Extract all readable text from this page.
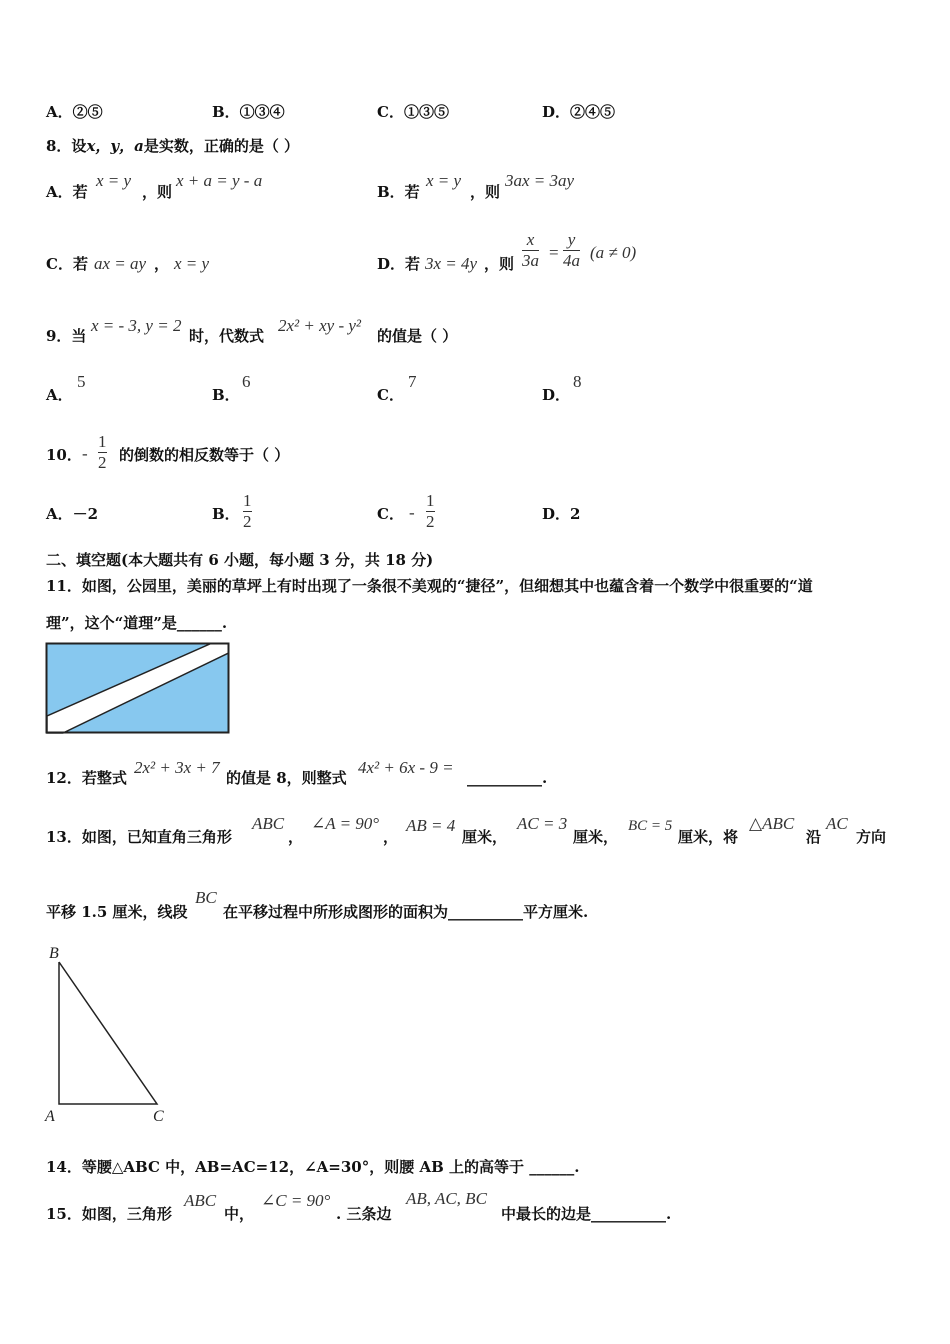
A．②⑤	B．①③④	C．①③⑤	D．②④⑤
8．设x，y，a是实数，正确的是（ ）
A．若
x = y
，则
x + a = y - a
B．若
x = y
，则
3ax = 3ay
C．若 ax = ay ， x = y	D．若 3x = 4y ，则
x
3a =
y
4a (a ≠ 0)
9．当
x = - 3, y = 2
时，代数式
2x² + xy - y²
的值是（ ）
A．
5
B．
6
C．
7
D．
8
10． -
1
2 的倒数的相反数等于（ ）
A．－2	B．
1
2	C． -
1
2	D．2
二、填空题(本大题共有 6 小题，每小题 3 分，共 18 分)
11．如图，公园里，美丽的草坪上有时出现了一条很不美观的“捷径”，但细想其中也蕴含着一个数学中很重要的“道
理”，这个“道理”是______.
12．若整式
2x² + 3x + 7
的值是 8，则整式
4x² + 6x - 9 =
__________.
13．如图，已知直角三角形
ABC
，
∠A = 90°
，
AB = 4
厘米，
AC = 3
厘米，
BC = 5
厘米，将
△ABC
沿
AC
方向
平移 1.5 厘米，线段
BC
在平移过程中所形成图形的面积为__________平方厘米.
B
A	C
14．等腰△ABC 中，AB=AC=12，∠A=30°，则腰 AB 上的高等于 ______.
15．如图，三角形
ABC
中，
∠C = 90°
. 三条边
AB, AC, BC
中最长的边是__________.
